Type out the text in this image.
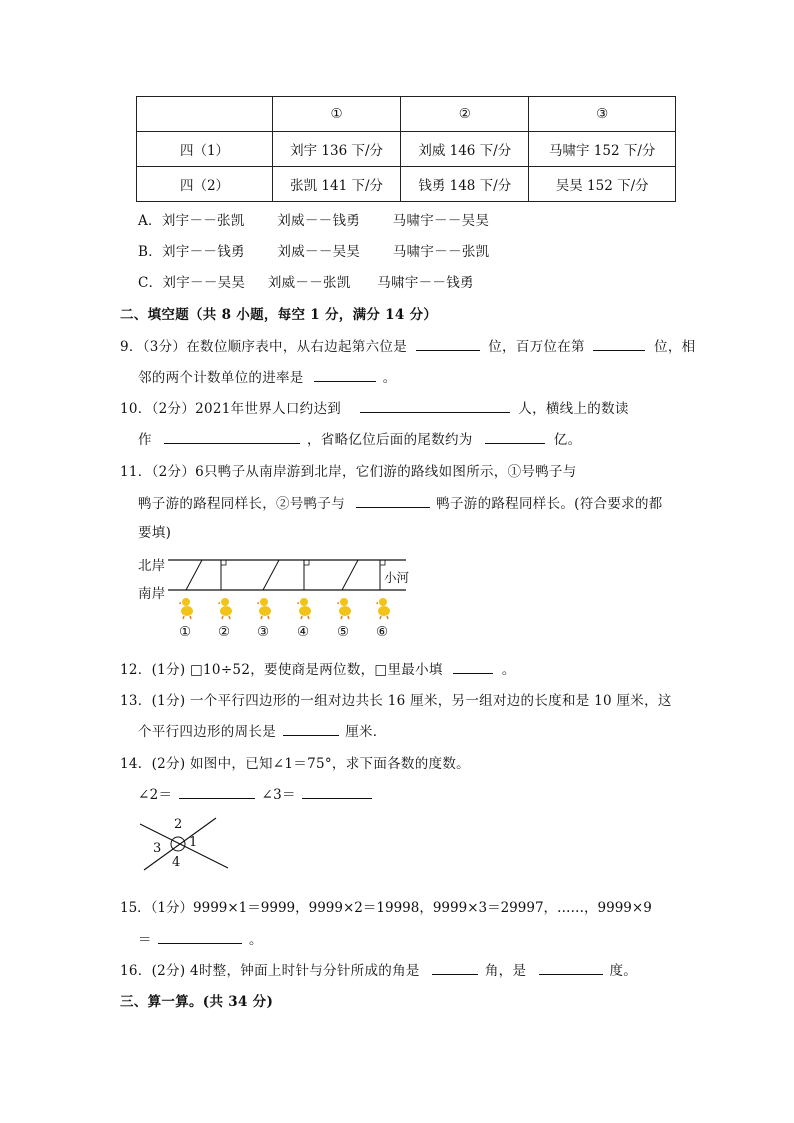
	①	②	③
四（1）	刘宇 136 下/分	刘威 146 下/分	马啸宇 152 下/分
四（2）	张凯 141 下/分	钱勇 148 下/分	吴昊 152 下/分
A．刘宇－－张凯 刘威－－钱勇 马啸宇－－吴昊
B．刘宇－－钱勇 刘威－－吴昊 马啸宇－－张凯
C．刘宇－－吴昊 刘威－－张凯 马啸宇－－钱勇
二、填空题（共 8 小题，每空 1 分，满分 14 分）
9．（3分）在数位顺序表中，从右边起第六位是	位，百万位在第	位，相
邻的两个计数单位的进率是	。
10．（2分）2021年世界人口约达到	人，横线上的数读
作	，省略亿位后面的尾数约为	亿。
11．（2分）6只鸭子从南岸游到北岸，它们游的路线如图所示，①号鸭子与
鸭子游的路程同样长，②号鸭子与	鸭子游的路程同样长。(符合要求的都
要填)
北岸
南岸
小河
① ② ③ ④ ⑤ ⑥
12．(1分) □10÷52，要使商是两位数，□里最小填	。
13．(1分) 一个平行四边形的一组对边共长 16 厘米，另一组对边的长度和是 10 厘米，这
个平行四边形的周长是	厘米．
14．(2分) 如图中，已知∠1＝75°，求下面各数的度数。
∠2＝	∠3＝
2
1
3
4
15．（1分）9999×1＝9999，9999×2＝19998，9999×3＝29997，……，9999×9
＝	。
16．(2分) 4时整，钟面上时针与分针所成的角是	角，是	度。
三、算一算。(共 34 分)
